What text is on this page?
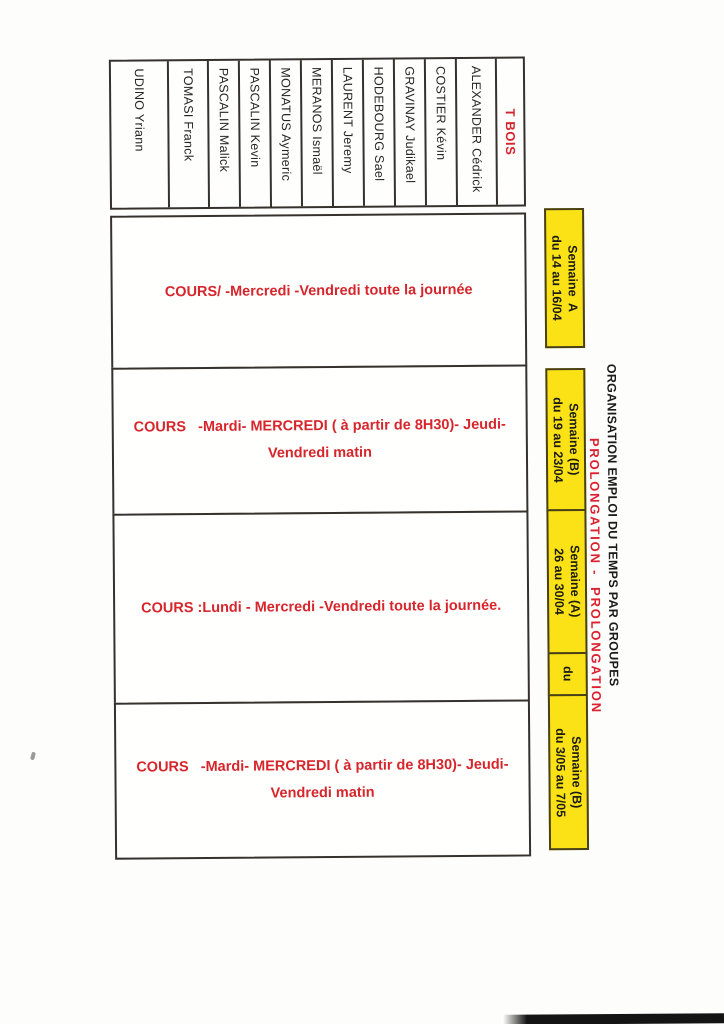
UDINO Yriann	TOMASI Franck PASCALIN Malick PASCALIN Kevin MONATUS Aymeric MERANOS Ismaël LAURENT Jeremy HODEBOURG Sael GRAVINAY Judikael COSTIER Kévin ALEXANDER Cédrick T BOIS
COURS/ -Mercredi -Vendredi toute la journée
COURS   -Mardi- MERCREDI ( à partir de 8H30)- Jeudi-
Vendredi matin
COURS :Lundi - Mercredi -Vendredi toute la journée.
COURS   -Mardi- MERCREDI ( à partir de 8H30)- Jeudi-
Vendredi matin
Semaine  A
du 14 au 16/04
Semaine (B)
du 19 au 23/04
Semaine (A)
26 au 30/04
du
Semaine (B)
du 3/05 au 7/05
ORGANISATION EMPLOI DU TEMPS PAR GROUPES
PROLONGATION -  PROLONGATION
